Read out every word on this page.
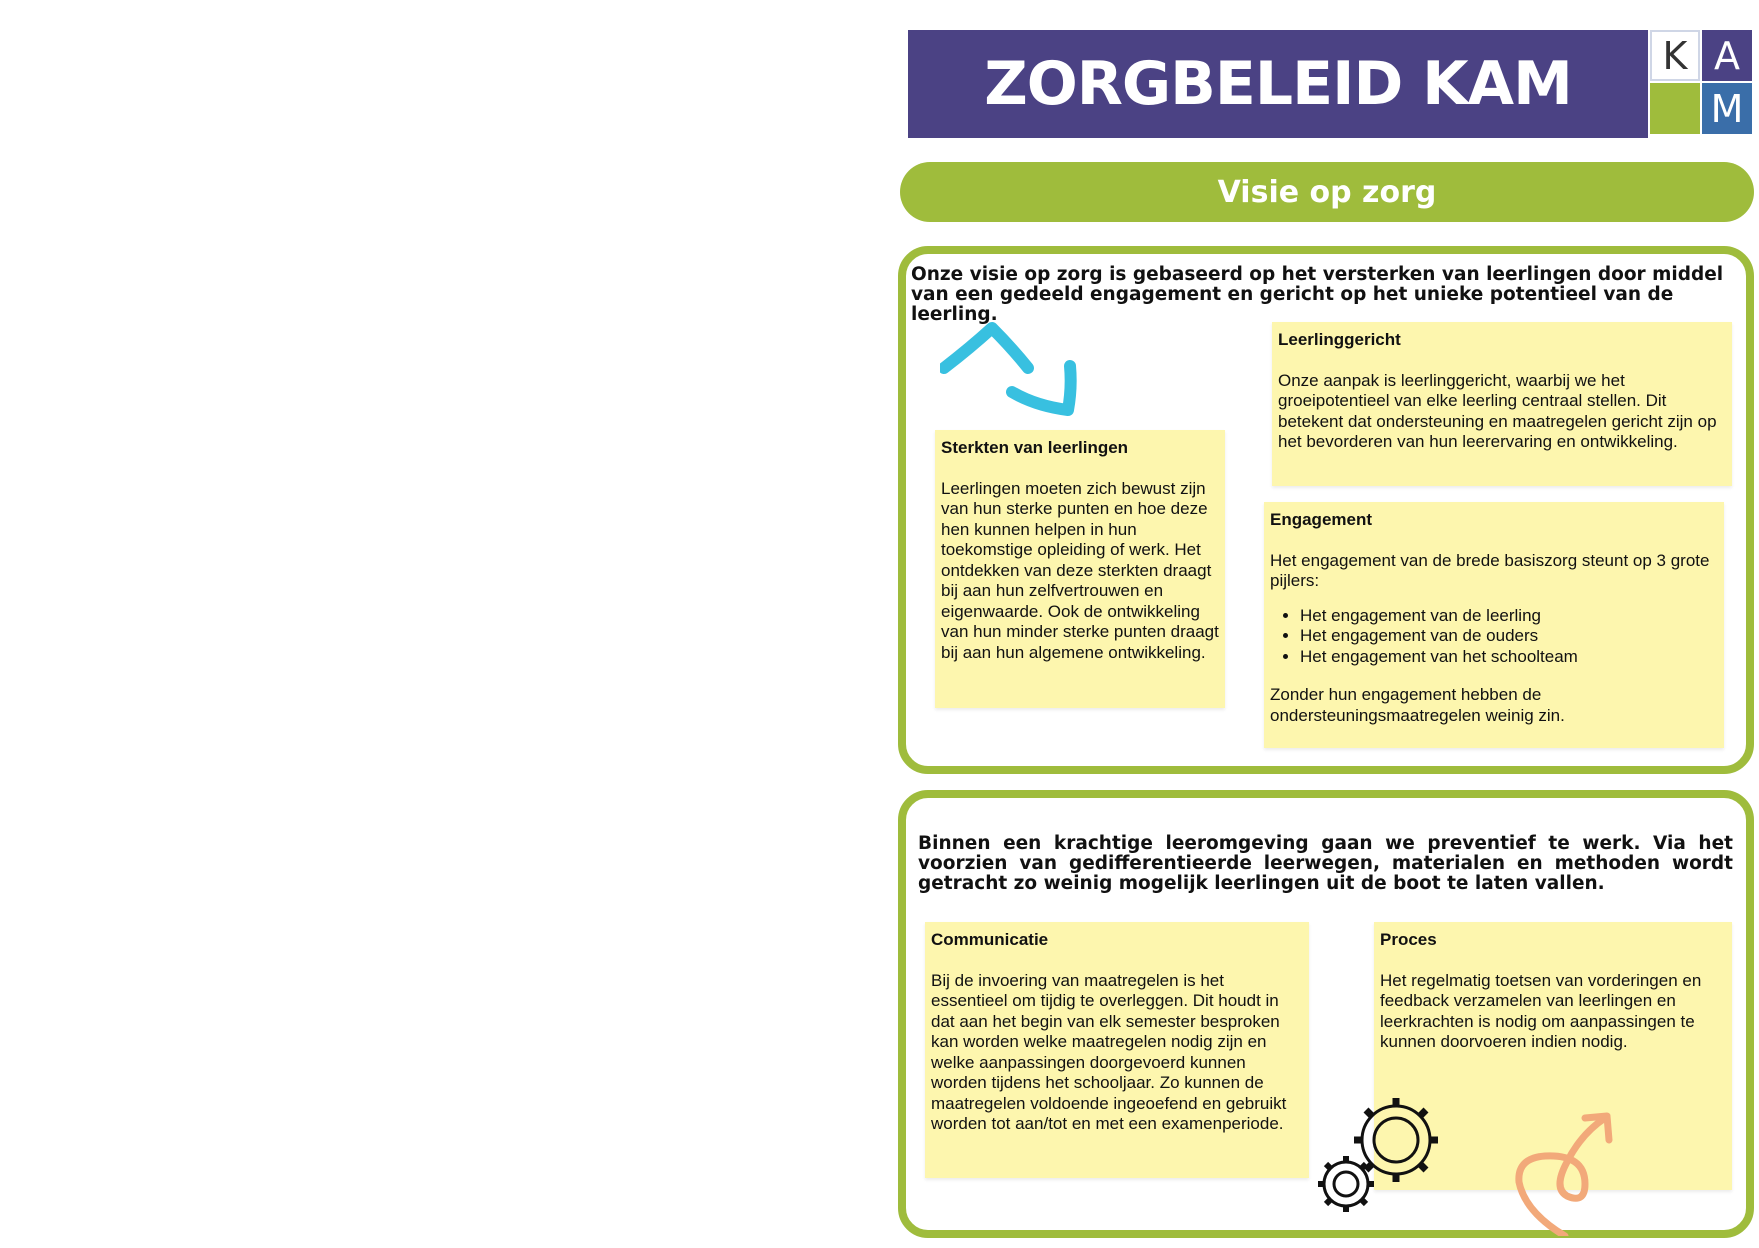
ZORGBELEID KAM	K A
M
Visie op zorg
Onze visie op zorg is gebaseerd op het versterken van leerlingen door middel van een gedeeld engagement en gericht op het unieke potentieel van de leerling.
Sterkten van leerlingen
Leerlingen moeten zich bewust zijn van hun sterke punten en hoe deze hen kunnen helpen in hun toekomstige opleiding of werk. Het ontdekken van deze sterkten draagt bij aan hun zelfvertrouwen en eigenwaarde. Ook de ontwikkeling van hun minder sterke punten draagt bij aan hun algemene ontwikkeling.
Leerlinggericht
Onze aanpak is leerlinggericht, waarbij we het groeipotentieel van elke leerling centraal stellen. Dit betekent dat ondersteuning en maatregelen gericht zijn op het bevorderen van hun leerervaring en ontwikkeling.
Engagement
Het engagement van de brede basiszorg steunt op 3 grote pijlers:
• Het engagement van de leerling
• Het engagement van de ouders
• Het engagement van het schoolteam
Zonder hun engagement hebben de ondersteuningsmaatregelen weinig zin.
Binnen een krachtige leeromgeving gaan we preventief te werk. Via het voorzien van gedifferentieerde leerwegen, materialen en methoden wordt getracht zo weinig mogelijk leerlingen uit de boot te laten vallen.
Communicatie
Bij de invoering van maatregelen is het essentieel om tijdig te overleggen. Dit houdt in dat aan het begin van elk semester besproken kan worden welke maatregelen nodig zijn en welke aanpassingen doorgevoerd kunnen worden tijdens het schooljaar. Zo kunnen de maatregelen voldoende ingeoefend en gebruikt worden tot aan/tot en met een examenperiode.
Proces
Het regelmatig toetsen van vorderingen en feedback verzamelen van leerlingen en leerkrachten is nodig om aanpassingen te kunnen doorvoeren indien nodig.
